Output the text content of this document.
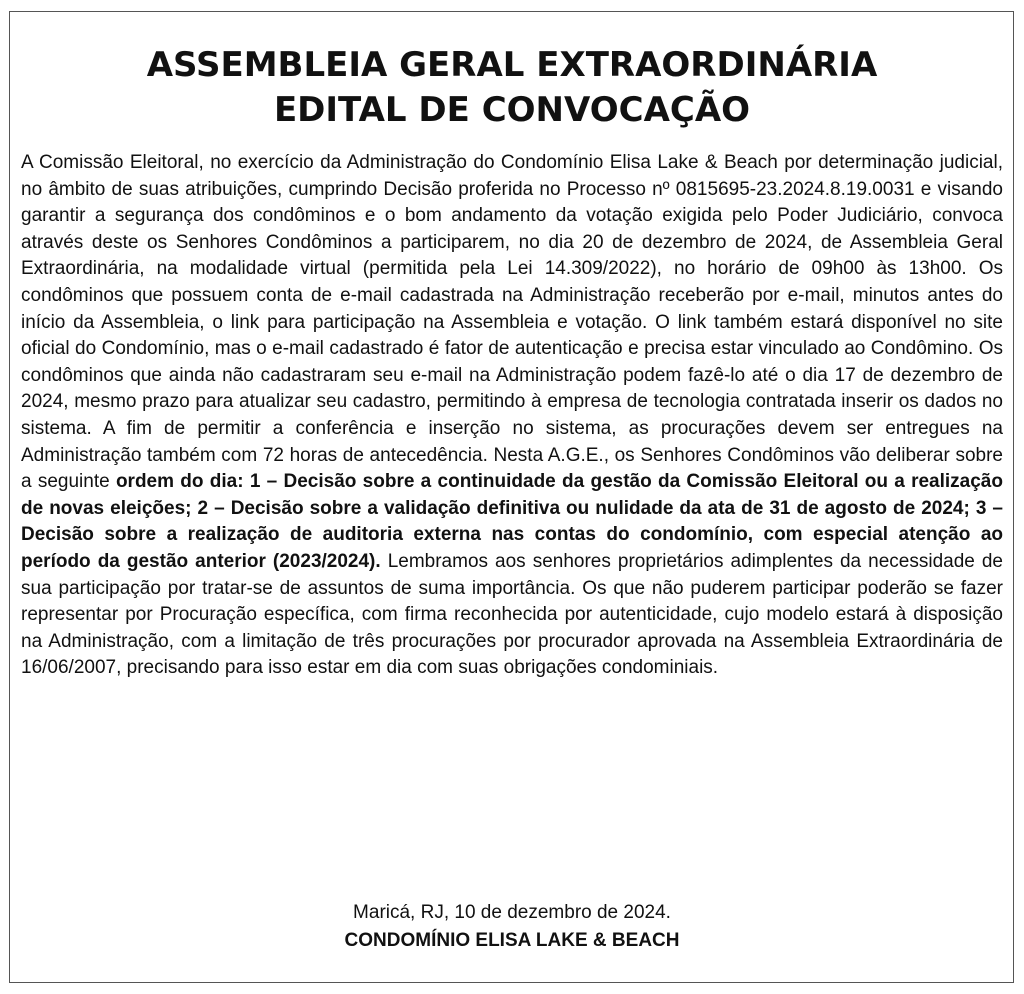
ASSEMBLEIA GERAL EXTRAORDINÁRIA
EDITAL DE CONVOCAÇÃO

A Comissão Eleitoral, no exercício da Administração do Condomínio Elisa Lake & Beach por determinação judicial, no âmbito de suas atribuições, cumprindo Decisão proferida no Processo nº 0815695-23.2024.8.19.0031 e visando garantir a segurança dos condôminos e o bom andamento da votação exigida pelo Poder Judiciário, convoca através deste os Senhores Condôminos a participarem, no dia 20 de dezembro de 2024, de Assembleia Geral Extraordinária, na modalidade virtual (permitida pela Lei 14.309/2022), no horário de 09h00 às 13h00. Os condôminos que possuem conta de e-mail cadastrada na Administração receberão por e-mail, minutos antes do início da Assembleia, o link para participação na Assembleia e votação. O link também estará disponível no site oficial do Condomínio, mas o e-mail cadastrado é fator de autenticação e precisa estar vinculado ao Condômino. Os condôminos que ainda não cadastraram seu e-mail na Administração podem fazê-lo até o dia 17 de dezembro de 2024, mesmo prazo para atualizar seu cadastro, permitindo à empresa de tecnologia contratada inserir os dados no sistema. A fim de permitir a conferência e inserção no sistema, as procurações devem ser entregues na Administração também com 72 horas de antecedência. Nesta A.G.E., os Senhores Condôminos vão deliberar sobre a seguinte ordem do dia: 1 – Decisão sobre a continuidade da gestão da Comissão Eleitoral ou a realização de novas eleições; 2 – Decisão sobre a validação definitiva ou nulidade da ata de 31 de agosto de 2024; 3 – Decisão sobre a realização de auditoria externa nas contas do condomínio, com especial atenção ao período da gestão anterior (2023/2024). Lembramos aos senhores proprietários adimplentes da necessidade de sua participação por tratar-se de assuntos de suma importância. Os que não puderem participar poderão se fazer representar por Procuração específica, com firma reconhecida por autenticidade, cujo modelo estará à disposição na Administração, com a limitação de três procurações por procurador aprovada na Assembleia Extraordinária de 16/06/2007, precisando para isso estar em dia com suas obrigações condominiais.

Maricá, RJ, 10 de dezembro de 2024.

CONDOMÍNIO ELISA LAKE & BEACH
